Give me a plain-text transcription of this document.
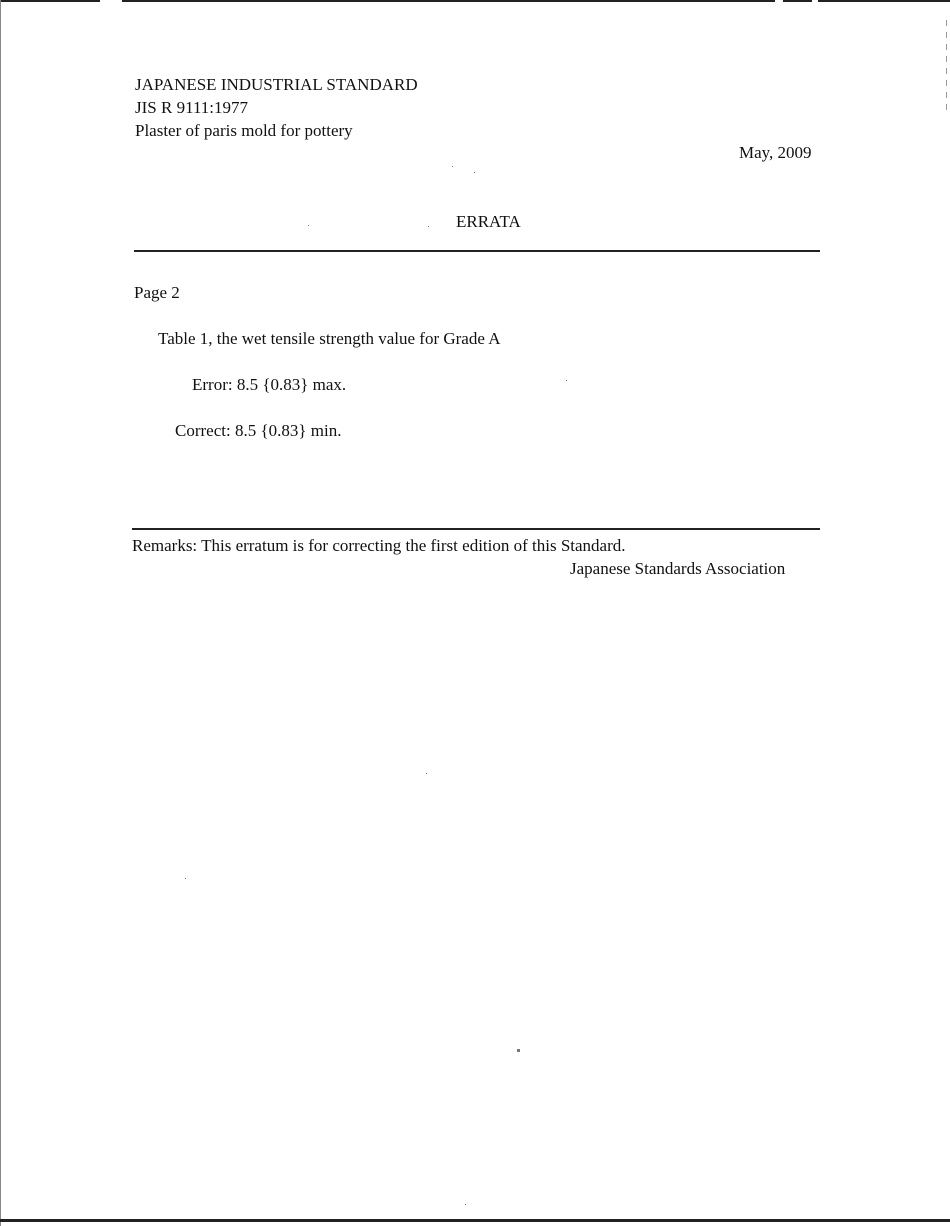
JAPANESE INDUSTRIAL STANDARD
JIS R 9111:1977
Plaster of paris mold for pottery
May, 2009
ERRATA
Page 2
Table 1, the wet tensile strength value for Grade A
Error: 8.5 {0.83} max.
Correct: 8.5 {0.83} min.
Remarks: This erratum is for correcting the first edition of this Standard.
Japanese Standards Association
